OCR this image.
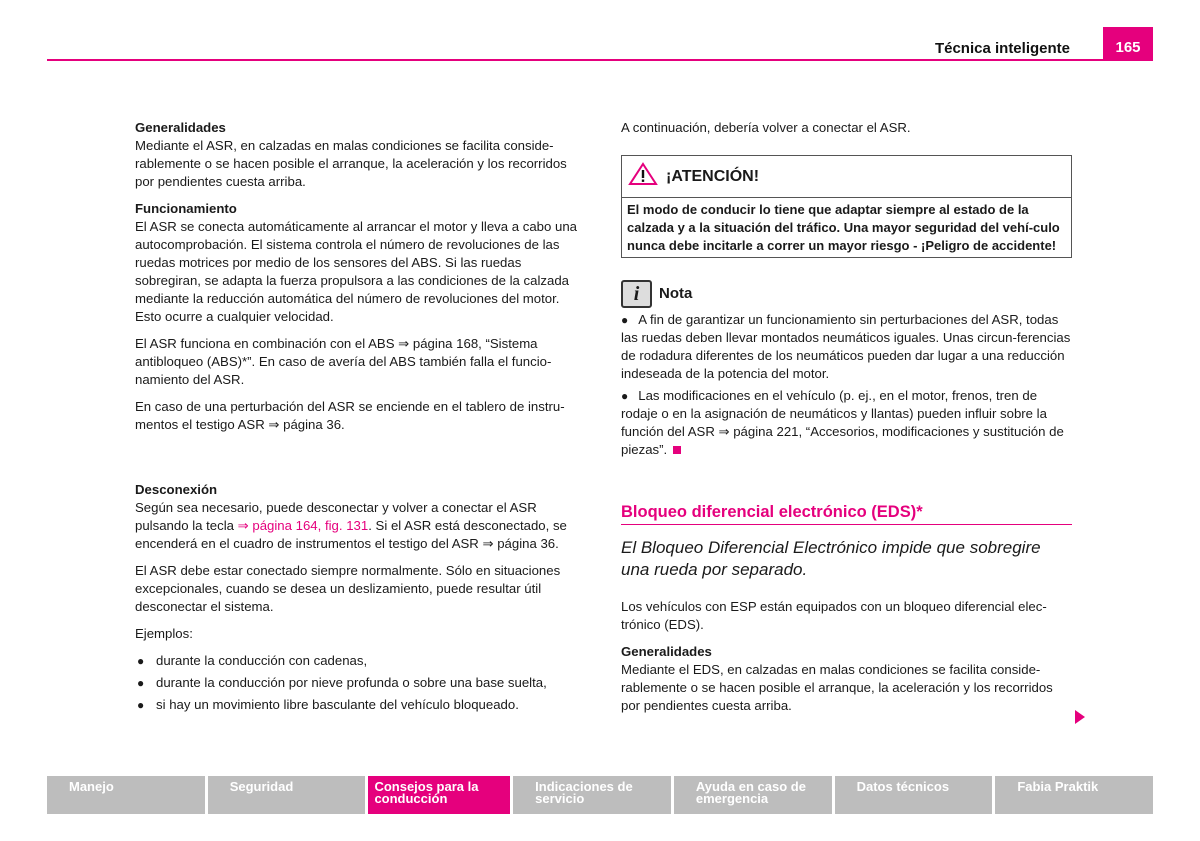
Técnica inteligente	165

Generalidades

Mediante el ASR, en calzadas en malas condiciones se facilita conside-rablemente o se hacen posible el arranque, la aceleración y los recorridos por pendientes cuesta arriba.

Funcionamiento

El ASR se conecta automáticamente al arrancar el motor y lleva a cabo una autocomprobación. El sistema controla el número de revoluciones de las ruedas motrices por medio de los sensores del ABS. Si las ruedas sobregiran, se adapta la fuerza propulsora a las condiciones de la calzada mediante la reducción automática del número de revoluciones del motor. Esto ocurre a cualquier velocidad.

El ASR funciona en combinación con el ABS ⇒ página 168, “Sistema antibloqueo (ABS)*”. En caso de avería del ABS también falla el funcio-namiento del ASR.

En caso de una perturbación del ASR se enciende en el tablero de instru-mentos el testigo ASR ⇒ página 36.

Desconexión

Según sea necesario, puede desconectar y volver a conectar el ASR pulsando la tecla ⇒ página 164, fig. 131. Si el ASR está desconectado, se encenderá en el cuadro de instrumentos el testigo del ASR ⇒ página 36.

El ASR debe estar conectado siempre normalmente. Sólo en situaciones excepcionales, cuando se desea un deslizamiento, puede resultar útil desconectar el sistema.

Ejemplos:

● durante la conducción con cadenas,
● durante la conducción por nieve profunda o sobre una base suelta,
● si hay un movimiento libre basculante del vehículo bloqueado.

A continuación, debería volver a conectar el ASR.

¡ATENCIÓN!
El modo de conducir lo tiene que adaptar siempre al estado de la calzada y a la situación del tráfico. Una mayor seguridad del vehí-culo nunca debe incitarle a correr un mayor riesgo - ¡Peligro de accidente!
i	Nota

● A fin de garantizar un funcionamiento sin perturbaciones del ASR, todas las ruedas deben llevar montados neumáticos iguales. Unas circun-ferencias de rodadura diferentes de los neumáticos pueden dar lugar a una reducción indeseada de la potencia del motor.

● Las modificaciones en el vehículo (p. ej., en el motor, frenos, tren de rodaje o en la asignación de neumáticos y llantas) pueden influir sobre la función del ASR ⇒ página 221, “Accesorios, modificaciones y sustitución de piezas”.

Bloqueo diferencial electrónico (EDS)*

El Bloqueo Diferencial Electrónico impide que sobregire una rueda por separado.

Los vehículos con ESP están equipados con un bloqueo diferencial elec-trónico (EDS).

Generalidades

Mediante el EDS, en calzadas en malas condiciones se facilita conside-rablemente o se hacen posible el arranque, la aceleración y los recorridos por pendientes cuesta arriba.

Manejo	Seguridad	Consejos para la conducción
Indicaciones de servicio
Ayuda en caso de emergencia
Datos técnicos	Fabia Praktik
